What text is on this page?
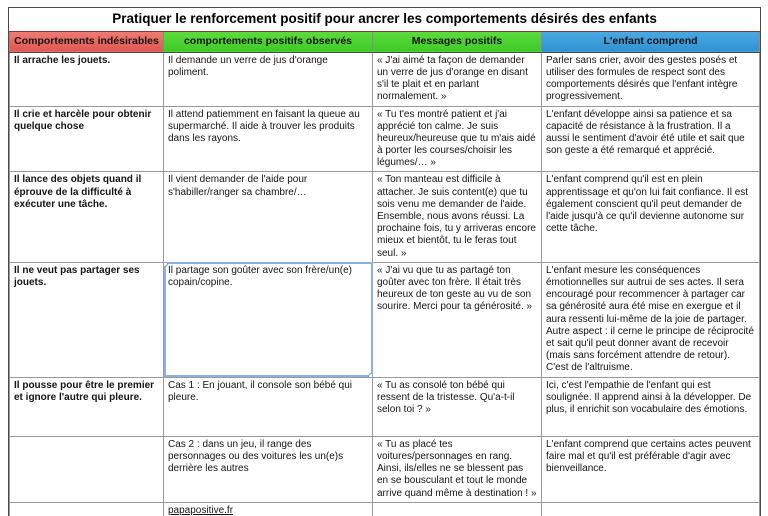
Pratiquer le renforcement positif pour ancrer les comportements désirés des enfants			
Comportements indésirables	comportements positifs observés	Messages positifs	L'enfant comprend
Il arrache les jouets.	Il demande un verre de jus d'orange poliment.	« J'ai aimé ta façon de demander un verre de jus d'orange en disant s'il te plait et en parlant normalement. »	Parler sans crier, avoir des gestes posés et utiliser des formules de respect sont des comportements désirés que l'enfant intègre progressivement.
Il crie et harcèle pour obtenir quelque chose	Il attend patiemment en faisant la queue au supermarché. Il aide à trouver les produits dans les rayons.	« Tu t'es montré patient et j'ai apprécié ton calme. Je suis heureux/heureuse que tu m'ais aidé à porter les courses/choisir les légumes/… »	L'enfant développe ainsi sa patience et sa capacité de résistance à la frustration. Il a aussi le sentiment d'avoir été utile et sait que son geste a été remarqué et apprécié.
Il lance des objets quand il éprouve de la difficulté à exécuter une tâche.	Il vient demander de l'aide pour s'habiller/ranger sa chambre/…	« Ton manteau est difficile à attacher. Je suis content(e) que tu sois venu me demander de l'aide. Ensemble, nous avons réussi. La prochaine fois, tu y arriveras encore mieux et bientôt, tu le feras tout seul. »	L'enfant comprend qu'il est en plein apprentissage et qu'on lui fait confiance. Il est également conscient qu'il peut demander de l'aide jusqu'à ce qu'il devienne autonome sur cette tâche.
Il ne veut pas partager ses jouets.	Il partage son goûter avec son frère/un(e) copain/copine.	« J'ai vu que tu as partagé ton goûter avec ton frère. Il était très heureux de ton geste au vu de son sourire. Merci pour ta générosité. »	L'enfant mesure les conséquences émotionnelles sur autrui de ses actes. Il sera encouragé pour recommencer à partager car sa générosité aura été mise en exergue et il aura ressenti lui-même de la joie de partager. Autre aspect : il cerne le principe de réciprocité et sait qu'il peut donner avant de recevoir (mais sans forcément attendre de retour). C'est de l'altruisme.
Il pousse pour être le premier et ignore l'autre qui pleure.	Cas 1 : En jouant, il console son bébé qui pleure.	« Tu as consolé ton bébé qui ressent de la tristesse. Qu'a-t-il selon toi ? »	Ici, c'est l'empathie de l'enfant qui est soulignée. Il apprend ainsi à la développer. De plus, il enrichit son vocabulaire des émotions.
	Cas 2 : dans un jeu, il range des personnages ou des voitures les un(e)s derrière les autres	« Tu as placé tes voitures/personnages en rang. Ainsi, ils/elles ne se blessent pas en se bousculant et tout le monde arrive quand même à destination ! »	L'enfant comprend que certains actes peuvent faire mal et qu'il est préférable d'agir avec bienveillance.
	papapositive.fr		
